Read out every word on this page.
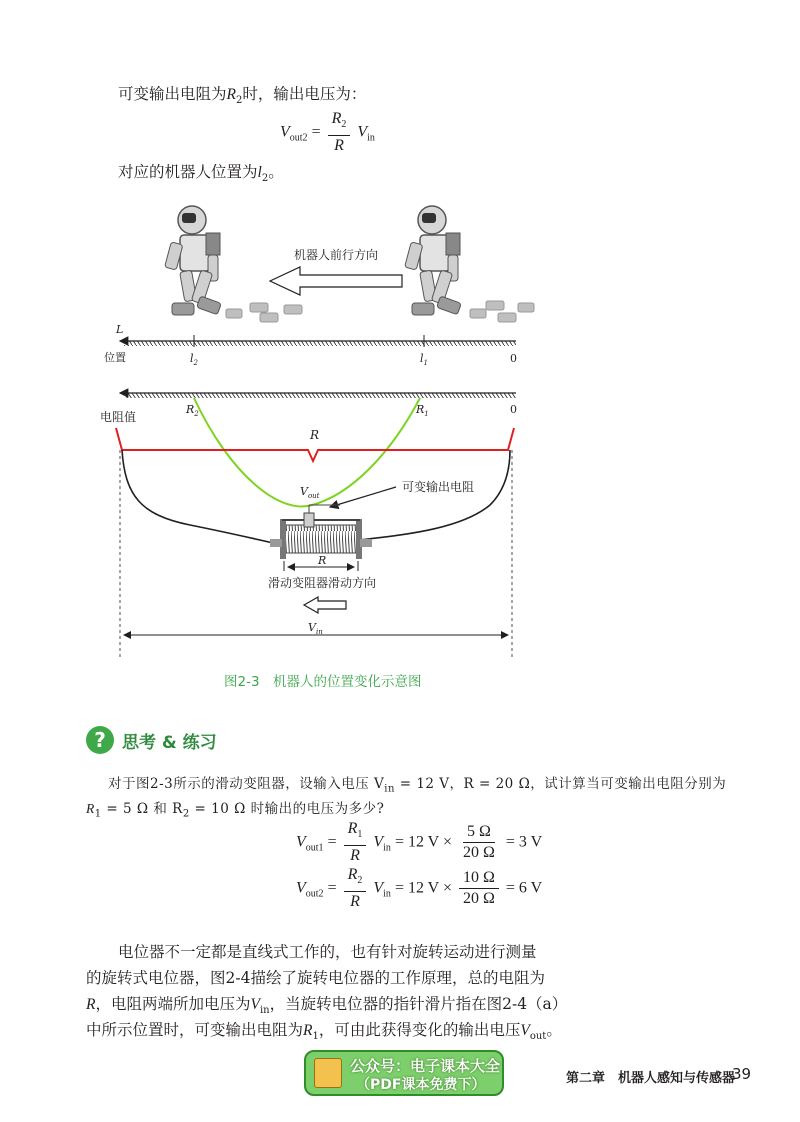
可变输出电阻为$R_2$时，输出电压为：
$V_{out2} = \frac{R_2}{R} V_{in}$
对应的机器人位置为$l_2$。
机器人前行方向
L
位置	$l_2$	$l_1$	0
$R_2$	$R_1$	0
电阻值
R
$V_{out}$
可变输出电阻
R
滑动变阻器滑动方向
$V_{in}$
图2-3　机器人的位置变化示意图
? 思考 & 练习
对于图2-3所示的滑动变阻器，设输入电压 $V_{in} = 12$ V，R = 20 Ω，试计算当可变输出电阻分别为
$R_1 = 5$ Ω 和 $R_2 = 10$ Ω 时输出的电压为多少?
$V_{out1} = \frac{R_1}{R} V_{in} = 12$ $V \times \frac{5 \Omega}{20 \Omega} = 3$ V
$V_{out2} = \frac{R_2}{R} V_{in} = 12$ $V \times \frac{10 \Omega}{20 \Omega} = 6$ V
电位器不一定都是直线式工作的，也有针对旋转运动进行测量
的旋转式电位器，图2-4描绘了旋转电位器的工作原理，总的电阻为
R，电阻两端所加电压为$V_{in}$，当旋转电位器的指针滑片指在图2-4（a）
中所示位置时，可变输出电阻为$R_1$，可由此获得变化的输出电压$V_{out}$。
公众号：电子课本大全
（PDF课本免费下）	第二章　机器人感知与传感器
39
